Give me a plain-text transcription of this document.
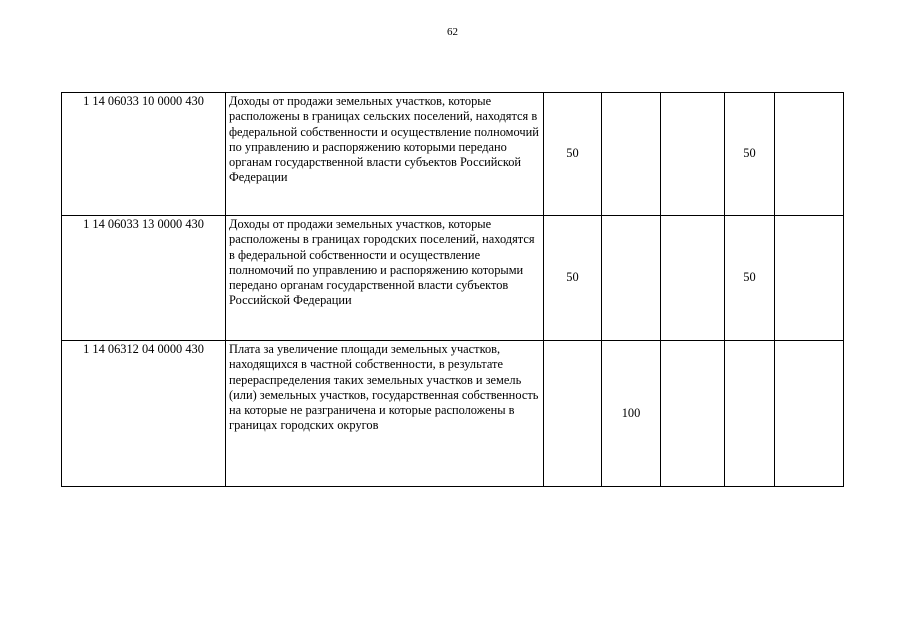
62
1 14 06033 10 0000 430	Доходы от продажи земельных участков, которые расположены в границах сельских поселений, находятся в федеральной собственности и осуществление полномочий по управлению и распоряжению которыми передано органам государственной власти субъектов Российской Федерации	50			50	
1 14 06033 13 0000 430	Доходы от продажи земельных участков, которые расположены в границах городских поселений, находятся в федеральной собственности и осуществление полномочий по управлению и распоряжению которыми передано органам государственной власти субъектов Российской Федерации	50			50	
1 14 06312 04 0000 430	Плата за увеличение площади земельных участков, находящихся в частной собственности, в результате перераспределения таких земельных участков и земель (или) земельных участков, государственная собственность на которые не разграничена и которые расположены в границах городских округов		100			
